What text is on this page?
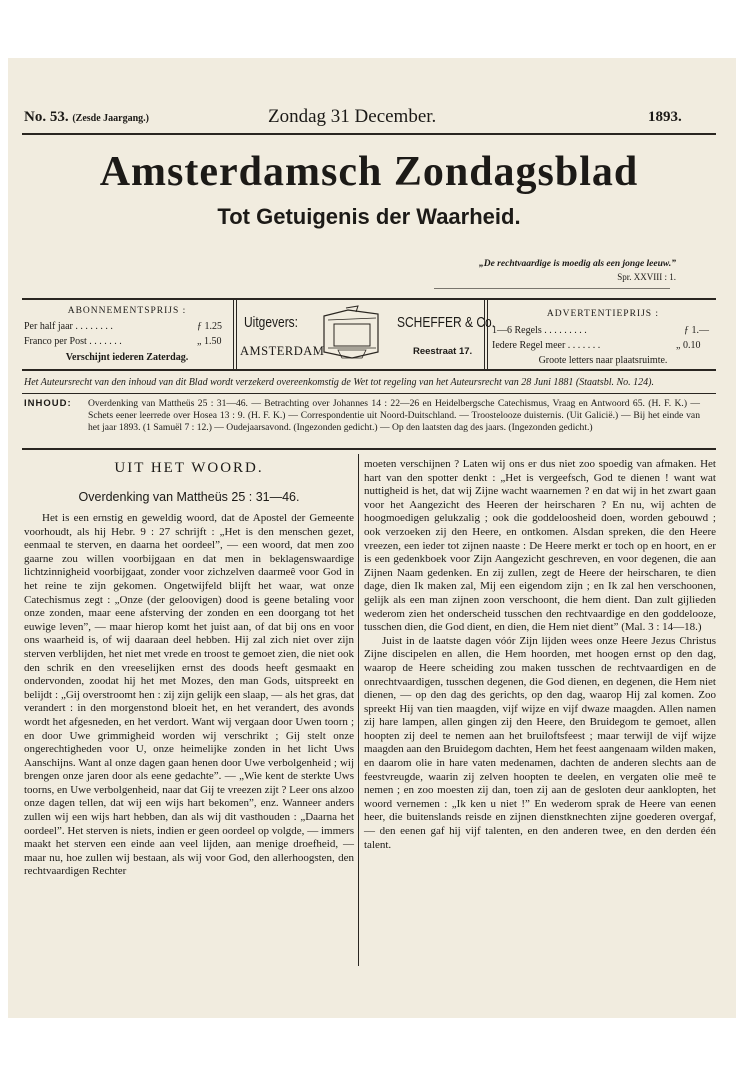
No. 53. (Zesde Jaargang.)	Zondag 31 December.	1893.
Amsterdamsch Zondagsblad
Tot Getuigenis der Waarheid.
„De rechtvaardige is moedig als een jonge leeuw.”
Spr. XXVIII : 1.
ABONNEMENTSPRIJS :
Per half jaar . . . . . . . .	ƒ 1.25
Franco per Post . . . . . . .	„ 1.50
Verschijnt iederen Zaterdag.
Uitgevers:
AMSTERDAM
SCHEFFER & Co.
Reestraat 17.
ADVERTENTIEPRIJS :
1—6 Regels . . . . . . . . .	ƒ 1.—
Iedere Regel meer . . . . . . .	„ 0.10
Groote letters naar plaatsruimte.
Het Auteursrecht van den inhoud van dit Blad wordt verzekerd overeenkomstig de Wet tot regeling van het Auteursrecht van 28 Juni 1881 (Staatsbl. No. 124).
INHOUD: Overdenking van Mattheüs 25 : 31—46. — Betrachting over Johannes 14 : 22—26 en Heidelbergsche Catechismus, Vraag en Antwoord 65. (H. F. K.) — Schets eener leerrede over Hosea 13 : 9. (H. F. K.) — Correspondentie uit Noord-Duitschland. — Troostelooze duisternis. (Uit Galicië.) — Bij het einde van het jaar 1893. (1 Samuël 7 : 12.) — Oudejaarsavond. (Ingezonden gedicht.) — Op den laatsten dag des jaars. (Ingezonden gedicht.)
UIT HET WOORD.
Overdenking van Mattheüs 25 : 31—46.

Het is een ernstig en geweldig woord, dat de Apostel der Gemeente voorhoudt, als hij Hebr. 9 : 27 schrijft : „Het is den menschen gezet, eenmaal te sterven, en daarna het oordeel”, — een woord, dat men zoo gaarne zou willen voorbijgaan en dat men in beklagenswaardige lichtzinnigheid voorbijgaat, zonder voor zichzelven daarmeê voor God in het reine te zijn gekomen. Ongetwijfeld blijft het waar, wat onze Catechismus zegt : „Onze (der geloovigen) dood is geene betaling voor onze zonden, maar eene afsterving der zonden en een doorgang tot het euwige leven”, — maar hierop komt het juist aan, of dat bij ons en voor ons waarheid is, of wij daaraan deel hebben. Hij zal zich niet over zijn sterven verblijden, het niet met vrede en troost te gemoet zien, die niet ook den schrik en den vreeselijken ernst des doods heeft gesmaakt en ondervonden, zoodat hij het met Mozes, den man Gods, uitspreekt en belijdt : „Gij overstroomt hen : zij zijn gelijk een slaap, — als het gras, dat verandert : in den morgenstond bloeit het, en het verandert, des avonds wordt het afgesneden, en het verdort. Want wij vergaan door Uwen toorn ; en door Uwe grimmigheid worden wij verschrikt ; Gij stelt onze ongerechtigheden voor U, onze heimelijke zonden in het licht Uws Aanschijns. Want al onze dagen gaan henen door Uwe verbolgenheid ; wij brengen onze jaren door als eene gedachte”. — „Wie kent de sterkte Uws toorns, en Uwe verbolgenheid, naar dat Gij te vreezen zijt ? Leer ons alzoo onze dagen tellen, dat wij een wijs hart bekomen”, enz. Wanneer anders zullen wij een wijs hart hebben, dan als wij dit vasthouden : „Daarna het oordeel”. Het sterven is niets, indien er geen oordeel op volgde, — immers maakt het sterven een einde aan veel lijden, aan menige droefheid, — maar nu, hoe zullen wij bestaan, als wij voor God, den allerhoogsten, den rechtvaardigen Rechter

moeten verschijnen ? Laten wij ons er dus niet zoo spoedig van afmaken. Het hart van den spotter denkt : „Het is vergeefsch, God te dienen ! want wat nuttigheid is het, dat wij Zijne wacht waarnemen ? en dat wij in het zwart gaan voor het Aangezicht des Heeren der heirscharen ? En nu, wij achten de hoogmoedigen gelukzalig ; ook die goddeloosheid doen, worden gebouwd ; ook verzoeken zij den Heere, en ontkomen. Alsdan spreken, die den Heere vreezen, een ieder tot zijnen naaste : De Heere merkt er toch op en hoort, en er is een gedenkboek voor Zijn Aangezicht geschreven, en voor degenen, die aan Zijnen Naam gedenken. En zij zullen, zegt de Heere der heirscharen, te dien dage, dien Ik maken zal, Mij een eigendom zijn ; en Ik zal hen verschoonen, gelijk als een man zijnen zoon verschoont, die hem dient. Dan zult gijlieden wederom zien het onderscheid tusschen den rechtvaardige en den goddelooze, tusschen dien, die God dient, en dien, die Hem niet dient” (Mal. 3 : 14—18.)

Juist in de laatste dagen vóór Zijn lijden wees onze Heere Jezus Christus Zijne discipelen en allen, die Hem hoorden, met hoogen ernst op den dag, waarop de Heere scheiding zou maken tusschen de rechtvaardigen en de onrechtvaardigen, tusschen degenen, die God dienen, en degenen, die Hem niet dienen, — op den dag des gerichts, op den dag, waarop Hij zal komen. Zoo spreekt Hij van tien maagden, vijf wijze en vijf dwaze maagden. Allen namen zij hare lampen, allen gingen zij den Heere, den Bruidegom te gemoet, allen hoopten zij deel te nemen aan het bruiloftsfeest ; maar terwijl de vijf wijze maagden aan den Bruidegom dachten, Hem het feest aangenaam wilden maken, en daarom olie in hare vaten medenamen, dachten de anderen slechts aan de feestvreugde, waarin zij zelven hoopten te deelen, en vergaten olie meê te nemen ; en zoo moesten zij dan, toen zij aan de gesloten deur aanklopten, het woord vernemen : „Ik ken u niet !” En wederom sprak de Heere van eenen heer, die buitenslands reisde en zijnen dienstknechten zijne goederen overgaf, — den eenen gaf hij vijf talenten, en den anderen twee, en den derden één talent.
